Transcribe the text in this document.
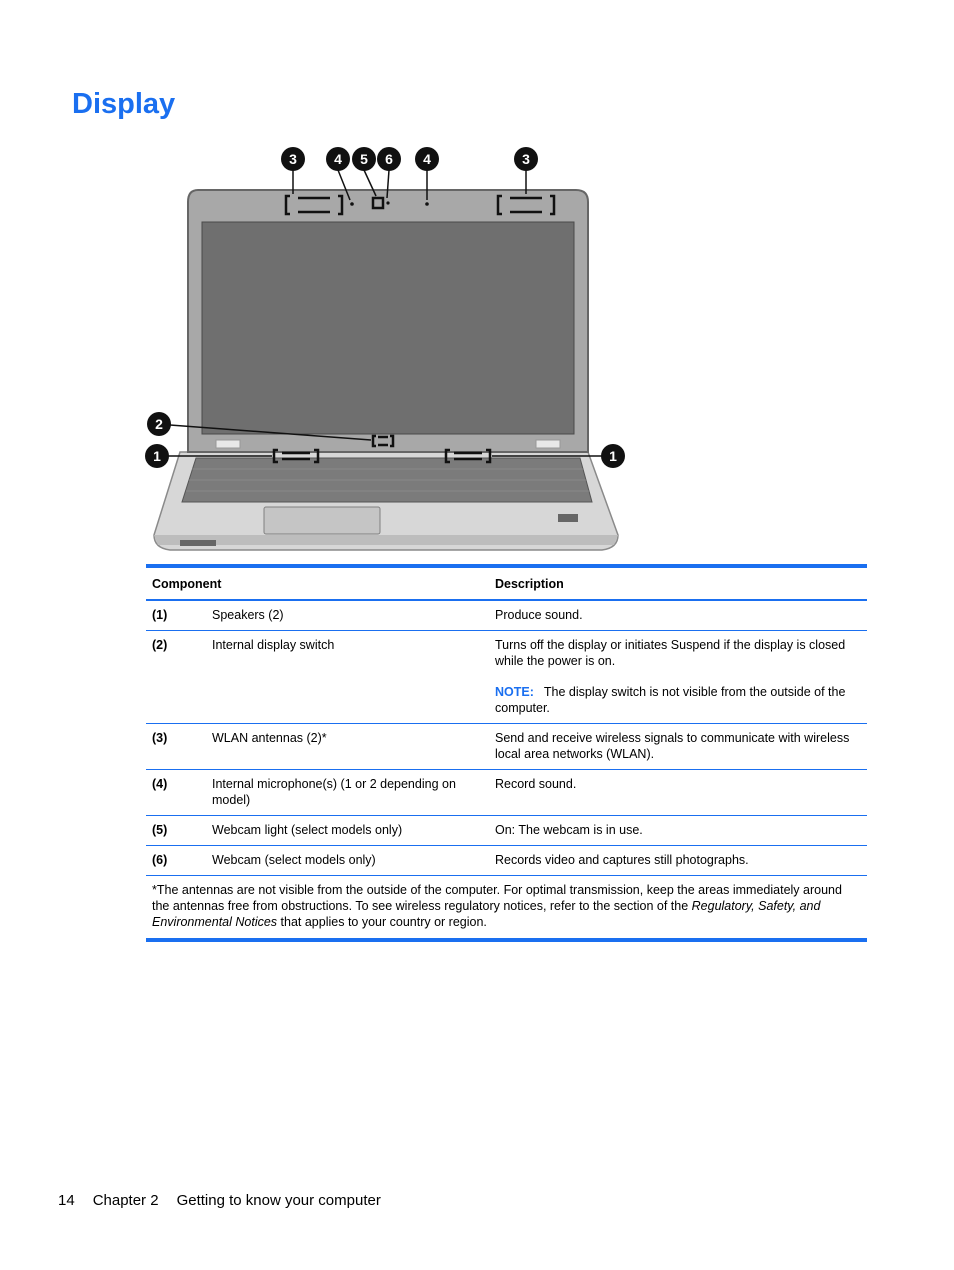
Display
3	4 5 6 4	3
2
1	1
Component		Description
(1)	Speakers (2)	Produce sound.
(2)	Internal display switch	Turns off the display or initiates Suspend if the display is closed while the power is on.
NOTE: The display switch is not visible from the outside of the computer.

(3)	WLAN antennas (2)*	Send and receive wireless signals to communicate with wireless local area networks (WLAN).
(4)	Internal microphone(s) (1 or 2 depending on model)	Record sound.
(5)	Webcam light (select models only)	On: The webcam is in use.
(6)	Webcam (select models only)	Records video and captures still photographs.
*The antennas are not visible from the outside of the computer. For optimal transmission, keep the areas immediately around the antennas free from obstructions. To see wireless regulatory notices, refer to the section of the Regulatory, Safety, and Environmental Notices that applies to your country or region.		
14 Chapter 2 Getting to know your computer
